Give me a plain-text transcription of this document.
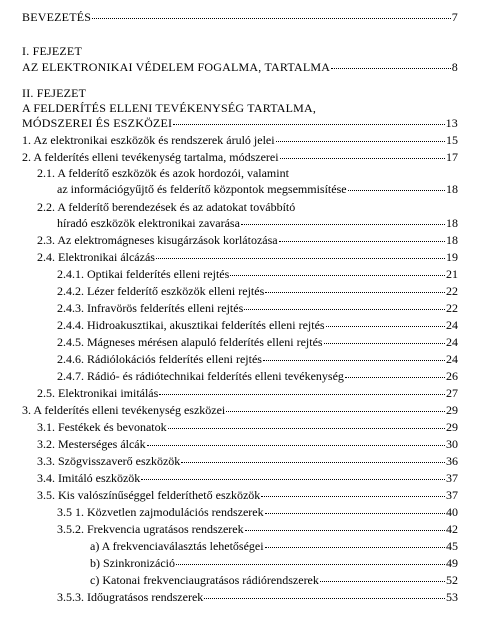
BEVEZETÉS	7
I. FEJEZET
AZ ELEKTRONIKAI VÉDELEM FOGALMA, TARTALMA	8
II. FEJEZET
A FELDERÍTÉS ELLENI TEVÉKENYSÉG TARTALMA,
MÓDSZEREI ÉS ESZKÖZEI	13
1. Az elektronikai eszközök és rendszerek áruló jelei	15
2. A felderítés elleni tevékenység tartalma, módszerei	17
2.1. A felderítő eszközök és azok hordozói, valamint
az információgyűjtő és felderítő központok megsemmisítése	18
2.2. A felderítő berendezések és az adatokat továbbító
híradó eszközök elektronikai zavarása	18
2.3. Az elektromágneses kisugárzások korlátozása	18
2.4. Elektronikai álcázás	19
2.4.1. Optikai felderítés elleni rejtés	21
2.4.2. Lézer felderítő eszközök elleni rejtés	22
2.4.3. Infravörös felderítés elleni rejtés	22
2.4.4. Hidroakusztikai, akusztikai felderítés elleni rejtés	24
2.4.5. Mágneses mérésen alapuló felderítés elleni rejtés	24
2.4.6. Rádiólokációs felderítés elleni rejtés	24
2.4.7. Rádió- és rádiótechnikai felderítés elleni tevékenység	26
2.5. Elektronikai imitálás	27
3. A felderítés elleni tevékenység eszközei	29
3.1. Festékek és bevonatok	29
3.2. Mesterséges álcák	30
3.3. Szögvisszaverő eszközök	36
3.4. Imitáló eszközök	37
3.5. Kis valószínűséggel felderíthető eszközök	37
3.5 1. Közvetlen zajmodulációs rendszerek	40
3.5.2. Frekvencia ugratásos rendszerek	42
a) A frekvenciaválasztás lehetőségei	45
b) Szinkronizáció	49
c) Katonai frekvenciaugratásos rádiórendszerek	52
3.5.3. Időugratásos rendszerek	53
